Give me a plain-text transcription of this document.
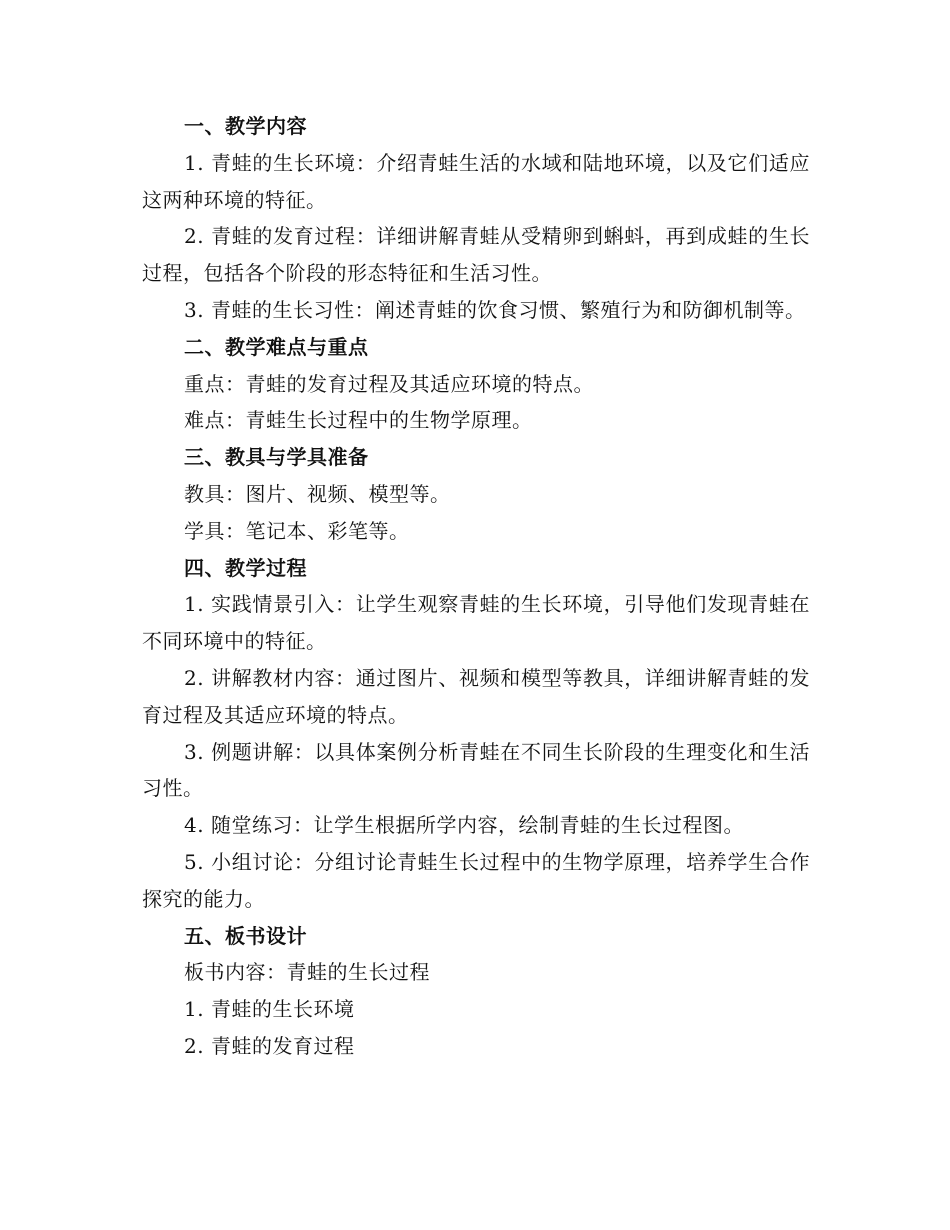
一、教学内容

1. 青蛙的生长环境：介绍青蛙生活的水域和陆地环境，以及它们适应这两种环境的特征。

2. 青蛙的发育过程：详细讲解青蛙从受精卵到蝌蚪，再到成蛙的生长过程，包括各个阶段的形态特征和生活习性。

3. 青蛙的生长习性：阐述青蛙的饮食习惯、繁殖行为和防御机制等。

二、教学难点与重点

重点：青蛙的发育过程及其适应环境的特点。

难点：青蛙生长过程中的生物学原理。

三、教具与学具准备

教具：图片、视频、模型等。

学具：笔记本、彩笔等。

四、教学过程

1. 实践情景引入：让学生观察青蛙的生长环境，引导他们发现青蛙在不同环境中的特征。

2. 讲解教材内容：通过图片、视频和模型等教具，详细讲解青蛙的发育过程及其适应环境的特点。

3. 例题讲解：以具体案例分析青蛙在不同生长阶段的生理变化和生活习性。

4. 随堂练习：让学生根据所学内容，绘制青蛙的生长过程图。

5. 小组讨论：分组讨论青蛙生长过程中的生物学原理，培养学生合作探究的能力。

五、板书设计

板书内容：青蛙的生长过程

1. 青蛙的生长环境

2. 青蛙的发育过程
